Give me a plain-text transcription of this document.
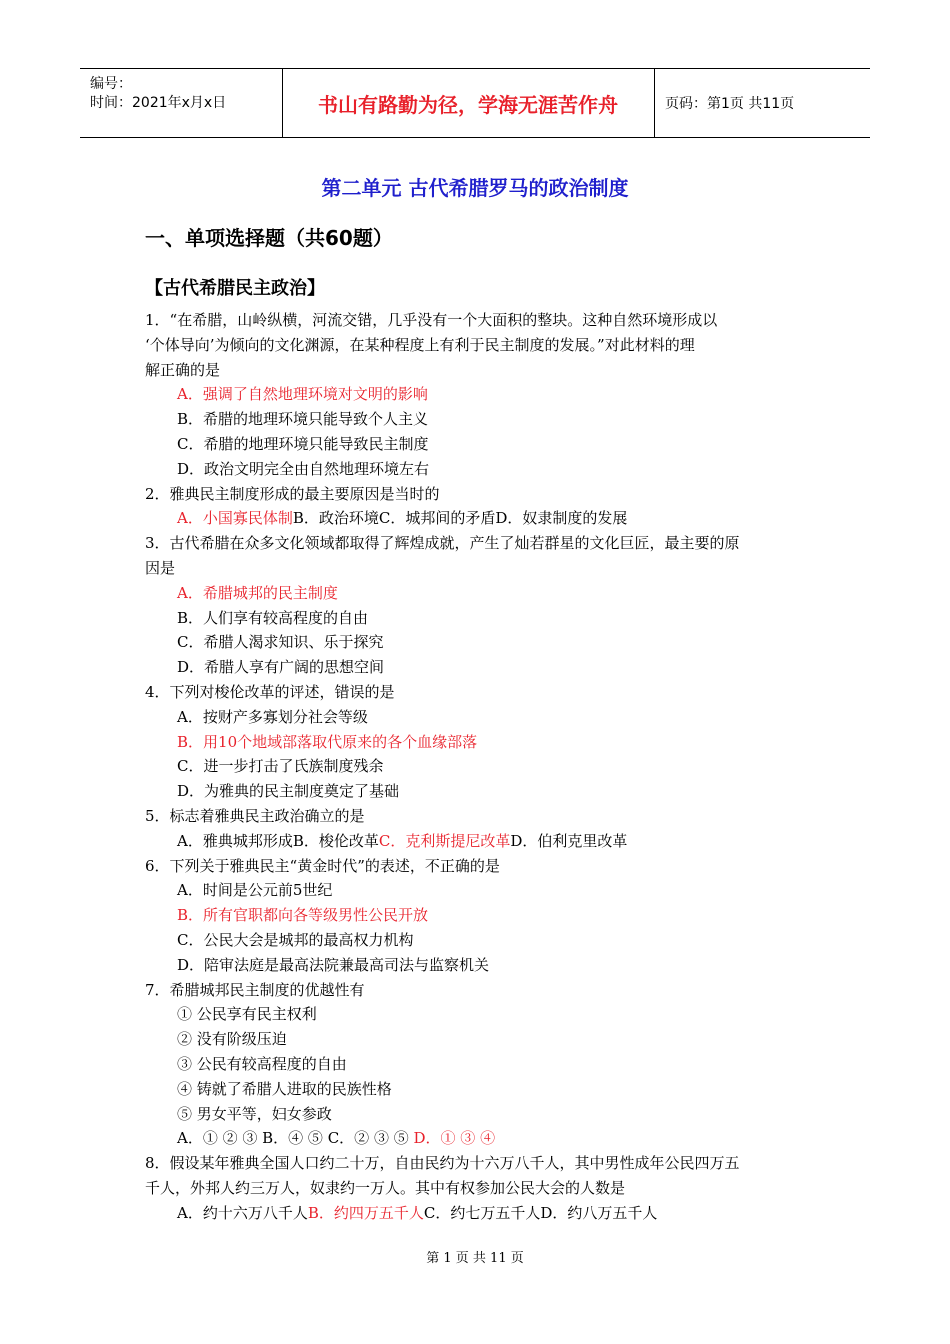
编号：
时间：2021年x月x日	书山有路勤为径，学海无涯苦作舟	页码：第1页 共11页
第二单元 古代希腊罗马的政治制度
一、单项选择题（共60题）
【古代希腊民主政治】
1．“在希腊，山岭纵横，河流交错，几乎没有一个大面积的整块。这种自然环境形成以
‘个体导向’为倾向的文化渊源，在某种程度上有利于民主制度的发展。”对此材料的理
解正确的是
A．强调了自然地理环境对文明的影响
B．希腊的地理环境只能导致个人主义
C．希腊的地理环境只能导致民主制度
D．政治文明完全由自然地理环境左右
2．雅典民主制度形成的最主要原因是当时的
A．小国寡民体制B．政治环境C．城邦间的矛盾D．奴隶制度的发展
3．古代希腊在众多文化领域都取得了辉煌成就，产生了灿若群星的文化巨匠，最主要的原
因是
A．希腊城邦的民主制度
B．人们享有较高程度的自由
C．希腊人渴求知识、乐于探究
D．希腊人享有广阔的思想空间
4．下列对梭伦改革的评述，错误的是
A．按财产多寡划分社会等级
B．用10个地域部落取代原来的各个血缘部落
C．进一步打击了氏族制度残余
D．为雅典的民主制度奠定了基础
5．标志着雅典民主政治确立的是
A．雅典城邦形成B．梭伦改革C．克利斯提尼改革D．伯利克里改革
6．下列关于雅典民主“黄金时代”的表述，不正确的是
A．时间是公元前5世纪
B．所有官职都向各等级男性公民开放
C．公民大会是城邦的最高权力机构
D．陪审法庭是最高法院兼最高司法与监察机关
7．希腊城邦民主制度的优越性有
① 公民享有民主权利
② 没有阶级压迫
③ 公民有较高程度的自由
④ 铸就了希腊人进取的民族性格
⑤ 男女平等，妇女参政
A．① ② ③ B．④ ⑤ C．② ③ ⑤ D．① ③ ④
8．假设某年雅典全国人口约二十万，自由民约为十六万八千人，其中男性成年公民四万五
千人，外邦人约三万人，奴隶约一万人。其中有权参加公民大会的人数是
A．约十六万八千人B．约四万五千人C．约七万五千人D．约八万五千人
第 1 页 共 11 页
